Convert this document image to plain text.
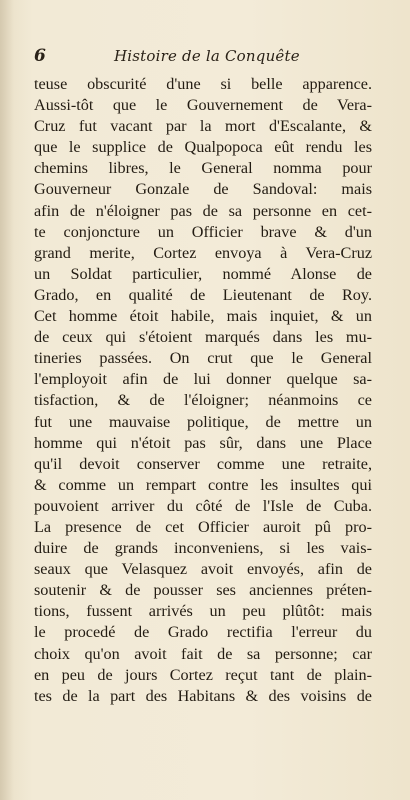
6	Histoire de la Conquête
teuse obscurité d'une si belle apparence.
Aussi-tôt que le Gouvernement de Vera-
Cruz fut vacant par la mort d'Escalante, &
que le supplice de Qualpopoca eût rendu les
chemins libres, le General nomma pour
Gouverneur Gonzale de Sandoval: mais
afin de n'éloigner pas de sa personne en cet-
te conjoncture un Officier brave & d'un
grand merite, Cortez envoya à Vera-Cruz
un Soldat particulier, nommé Alonse de
Grado, en qualité de Lieutenant de Roy.
Cet homme étoit habile, mais inquiet, & un
de ceux qui s'étoient marqués dans les mu-
tineries passées. On crut que le General
l'employoit afin de lui donner quelque sa-
tisfaction, & de l'éloigner; néanmoins ce
fut une mauvaise politique, de mettre un
homme qui n'étoit pas sûr, dans une Place
qu'il devoit conserver comme une retraite,
& comme un rempart contre les insultes qui
pouvoient arriver du côté de l'Isle de Cuba.
La presence de cet Officier auroit pû pro-
duire de grands inconveniens, si les vais-
seaux que Velasquez avoit envoyés, afin de
soutenir & de pousser ses anciennes préten-
tions, fussent arrivés un peu plûtôt: mais
le procedé de Grado rectifia l'erreur du
choix qu'on avoit fait de sa personne; car
en peu de jours Cortez reçut tant de plain-
tes de la part des Habitans & des voisins de
